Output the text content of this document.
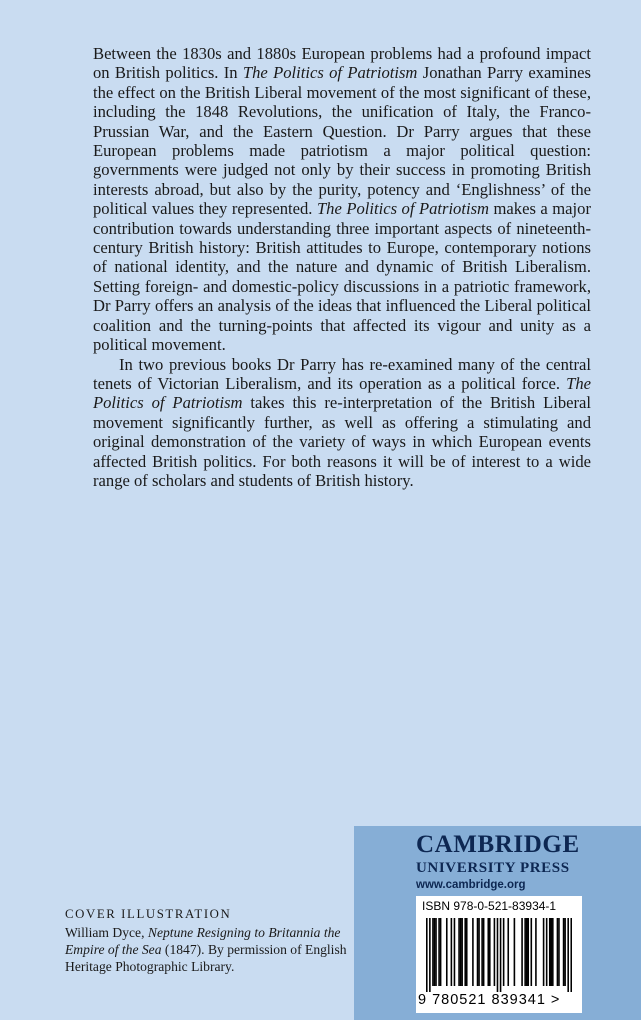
Between the 1830s and 1880s European problems had a profound impact on British politics. In The Politics of Patriotism Jonathan Parry examines the effect on the British Liberal movement of the most significant of these, including the 1848 Revolutions, the unification of Italy, the Franco-Prussian War, and the Eastern Question. Dr Parry argues that these European problems made patriotism a major political question: governments were judged not only by their success in promoting British interests abroad, but also by the purity, potency and ‘Englishness’ of the political values they represented. The Politics of Patriotism makes a major contribution towards understanding three important aspects of nineteenth-century British history: British attitudes to Europe, contemporary notions of national identity, and the nature and dynamic of British Liberalism. Setting foreign- and domestic-policy discussions in a patriotic framework, Dr Parry offers an analysis of the ideas that influenced the Liberal political coalition and the turning-points that affected its vigour and unity as a political movement.

In two previous books Dr Parry has re-examined many of the central tenets of Victorian Liberalism, and its operation as a political force. The Politics of Patriotism takes this re-interpretation of the British Liberal movement significantly further, as well as offering a stimulating and original demonstration of the variety of ways in which European events affected British politics. For both reasons it will be of interest to a wide range of scholars and students of British history.

COVER ILLUSTRATION
William Dyce, Neptune Resigning to Britannia the Empire of the Sea (1847). By permission of English Heritage Photographic Library.
CAMBRIDGE
UNIVERSITY PRESS
www.cambridge.org
ISBN 978-0-521-83934-1
9 780521 839341 >
